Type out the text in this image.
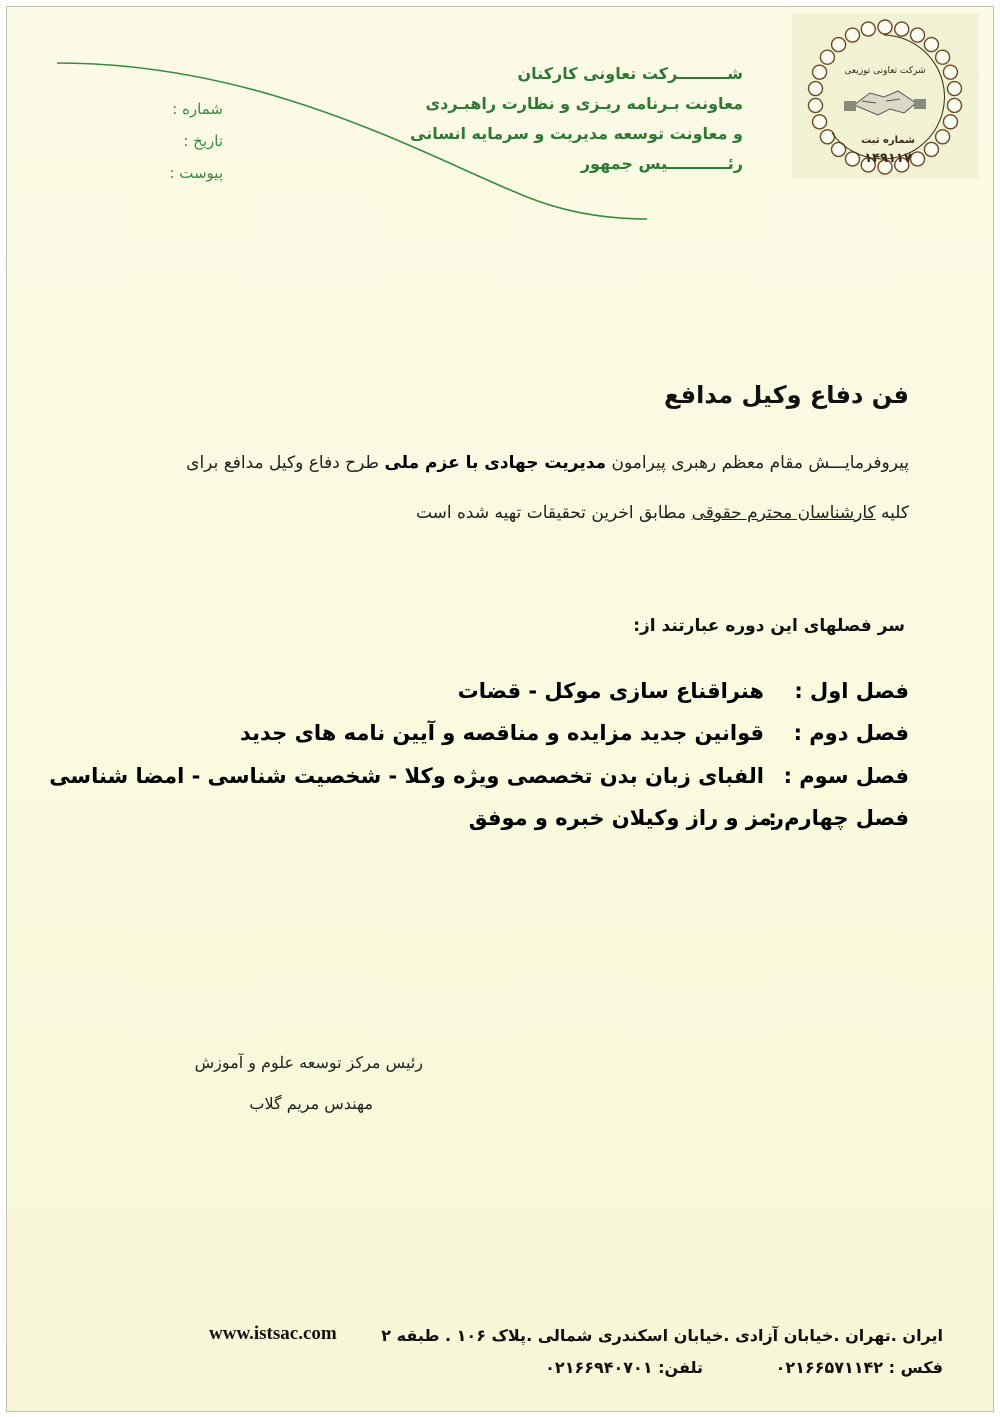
شرکت تعاونی توزیعی
شماره ثبت
۱۴۹۱۱۷
شـــــــــرکت تعاونی کارکنان
معاونت بـرنامه ریـزی و نظارت راهبـردی
و معاونت توسعه مدیریت و سرمایه انسانی
رئـــــــــــیس جمهور
شماره :
تاریخ :
پیوست :
فن دفاع وکیل مدافع
پیروفرمایـــش مقام معظم رهبری پیرامون مدیریت جهادی با عزم ملی طرح دفاع وکیل مدافع برای
کلیه کارشناسان محترم حقوقی مطابق اخرین تحقیقات تهیه شده است
سر فصلهای این دوره عبارتند از:
فصل اول :
هنراقناع سازی موکل - قضات
فصل دوم :
قوانین جدید مزایده و مناقصه و آیین نامه های جدید
فصل سوم :
الفبای زبان بدن تخصصی ویژه وکلا - شخصیت شناسی - امضا شناسی
فصل چهارم :
رمز و راز وکیلان خبره و موفق
رئیس مرکز توسعه علوم و آموزش
مهندس مریم گلاب
www.istsac.com	ایران .تهران .خیابان آزادی .خیابان اسکندری شمالی .پلاک ۱۰۶ . طبقه ۲
فکس : ۰۲۱۶۶۵۷۱۱۴۲
تلفن: ۰۲۱۶۶۹۴۰۷۰۱
